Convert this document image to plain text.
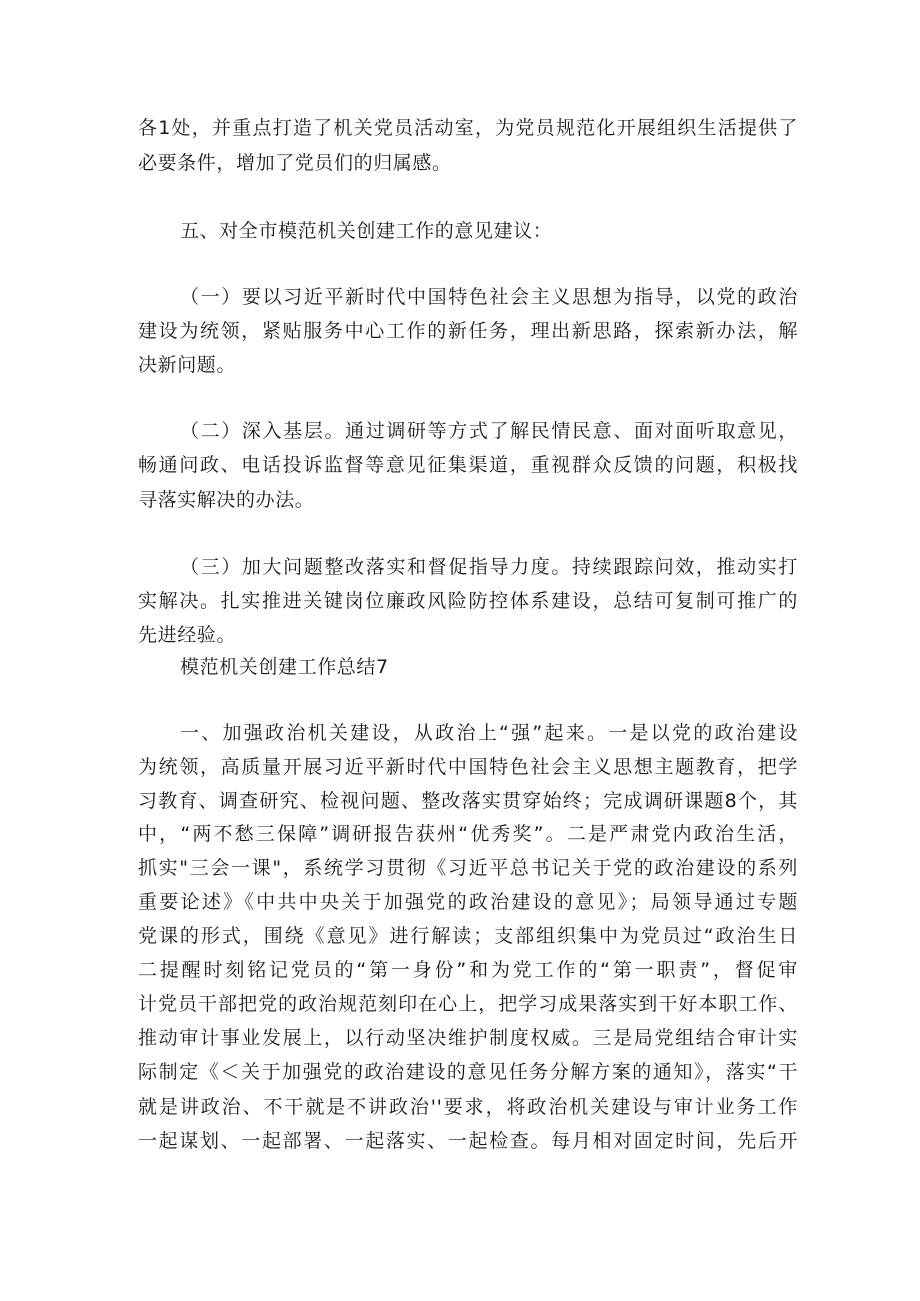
各1处，并重点打造了机关党员活动室，为党员规范化开展组织生活提供了
必要条件，增加了党员们的归属感。
五、对全市模范机关创建工作的意见建议：
（一）要以习近平新时代中国特色社会主义思想为指导，以党的政治
建设为统领，紧贴服务中心工作的新任务，理出新思路，探索新办法，解
决新问题。
（二）深入基层。通过调研等方式了解民情民意、面对面听取意见，
畅通问政、电话投诉监督等意见征集渠道，重视群众反馈的问题，积极找
寻落实解决的办法。
（三）加大问题整改落实和督促指导力度。持续跟踪问效，推动实打
实解决。扎实推进关键岗位廉政风险防控体系建设，总结可复制可推广的
先进经验。
模范机关创建工作总结7
一、加强政治机关建设，从政治上“强”起来。一是以党的政治建设
为统领，高质量开展习近平新时代中国特色社会主义思想主题教育，把学
习教育、调查研究、检视问题、整改落实贯穿始终；完成调研课题8个，其
中，“两不愁三保障”调研报告获州“优秀奖”。二是严肃党内政治生活，
抓实"三会一课"，系统学习贯彻《习近平总书记关于党的政治建设的系列
重要论述》《中共中央关于加强党的政治建设的意见》；局领导通过专题
党课的形式，围绕《意见》进行解读；支部组织集中为党员过“政治生日
二提醒时刻铭记党员的“第一身份”和为党工作的“第一职责”，督促审
计党员干部把党的政治规范刻印在心上，把学习成果落实到干好本职工作、
推动审计事业发展上，以行动坚决维护制度权威。三是局党组结合审计实
际制定《＜关于加强党的政治建设的意见任务分解方案的通知》，落实“干
就是讲政治、不干就是不讲政治''要求，将政治机关建设与审计业务工作
一起谋划、一起部署、一起落实、一起检查。每月相对固定时间，先后开
